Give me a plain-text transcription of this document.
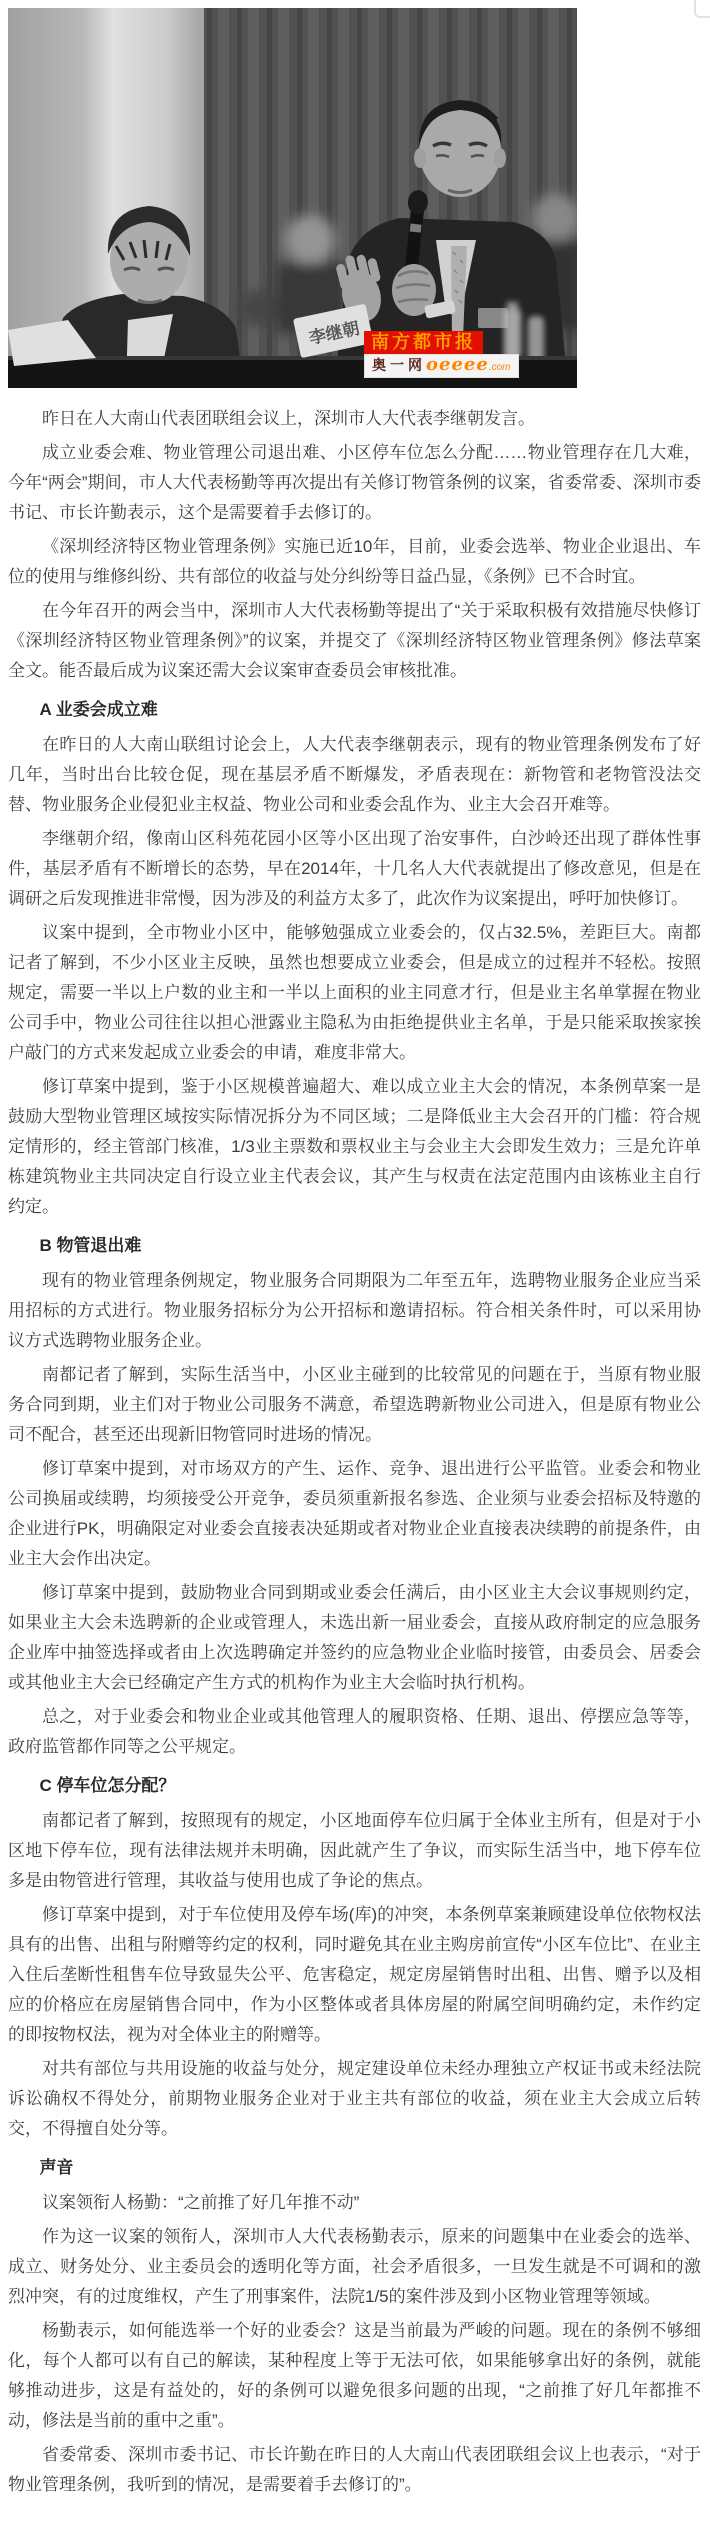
李继朝 南方都市报
奥一网 oeeee .com

昨日在人大南山代表团联组会议上，深圳市人大代表李继朝发言。

成立业委会难、物业管理公司退出难、小区停车位怎么分配……物业管理存在几大难，今年“两会”期间，市人大代表杨勤等再次提出有关修订物管条例的议案，省委常委、深圳市委书记、市长许勤表示，这个是需要着手去修订的。

《深圳经济特区物业管理条例》实施已近10年，目前，业委会选举、物业企业退出、车位的使用与维修纠纷、共有部位的收益与处分纠纷等日益凸显，《条例》已不合时宜。

在今年召开的两会当中，深圳市人大代表杨勤等提出了“关于采取积极有效措施尽快修订《深圳经济特区物业管理条例》”的议案，并提交了《深圳经济特区物业管理条例》修法草案全文。能否最后成为议案还需大会议案审查委员会审核批准。

A 业委会成立难

在昨日的人大南山联组讨论会上，人大代表李继朝表示，现有的物业管理条例发布了好几年，当时出台比较仓促，现在基层矛盾不断爆发，矛盾表现在：新物管和老物管没法交替、物业服务企业侵犯业主权益、物业公司和业委会乱作为、业主大会召开难等。

李继朝介绍，像南山区科苑花园小区等小区出现了治安事件，白沙岭还出现了群体性事件，基层矛盾有不断增长的态势，早在2014年，十几名人大代表就提出了修改意见，但是在调研之后发现推进非常慢，因为涉及的利益方太多了，此次作为议案提出，呼吁加快修订。

议案中提到，全市物业小区中，能够勉强成立业委会的，仅占32.5%，差距巨大。南都记者了解到，不少小区业主反映，虽然也想要成立业委会，但是成立的过程并不轻松。按照规定，需要一半以上户数的业主和一半以上面积的业主同意才行，但是业主名单掌握在物业公司手中，物业公司往往以担心泄露业主隐私为由拒绝提供业主名单，于是只能采取挨家挨户敲门的方式来发起成立业委会的申请，难度非常大。

修订草案中提到，鉴于小区规模普遍超大、难以成立业主大会的情况，本条例草案一是鼓励大型物业管理区域按实际情况拆分为不同区域；二是降低业主大会召开的门槛：符合规定情形的，经主管部门核准，1/3业主票数和票权业主与会业主大会即发生效力；三是允许单栋建筑物业主共同决定自行设立业主代表会议，其产生与权责在法定范围内由该栋业主自行约定。

B 物管退出难

现有的物业管理条例规定，物业服务合同期限为二年至五年，选聘物业服务企业应当采用招标的方式进行。物业服务招标分为公开招标和邀请招标。符合相关条件时，可以采用协议方式选聘物业服务企业。

南都记者了解到，实际生活当中，小区业主碰到的比较常见的问题在于，当原有物业服务合同到期，业主们对于物业公司服务不满意，希望选聘新物业公司进入，但是原有物业公司不配合，甚至还出现新旧物管同时进场的情况。

修订草案中提到，对市场双方的产生、运作、竞争、退出进行公平监管。业委会和物业公司换届或续聘，均须接受公开竞争，委员须重新报名参选、企业须与业委会招标及特邀的企业进行PK，明确限定对业委会直接表决延期或者对物业企业直接表决续聘的前提条件，由业主大会作出决定。

修订草案中提到，鼓励物业合同到期或业委会任满后，由小区业主大会议事规则约定，如果业主大会未选聘新的企业或管理人，未选出新一届业委会，直接从政府制定的应急服务企业库中抽签选择或者由上次选聘确定并签约的应急物业企业临时接管，由委员会、居委会或其他业主大会已经确定产生方式的机构作为业主大会临时执行机构。

总之，对于业委会和物业企业或其他管理人的履职资格、任期、退出、停摆应急等等，政府监管都作同等之公平规定。

C 停车位怎分配？

南都记者了解到，按照现有的规定，小区地面停车位归属于全体业主所有，但是对于小区地下停车位，现有法律法规并未明确，因此就产生了争议，而实际生活当中，地下停车位多是由物管进行管理，其收益与使用也成了争论的焦点。

修订草案中提到，对于车位使用及停车场(库)的冲突，本条例草案兼顾建设单位依物权法具有的出售、出租与附赠等约定的权利，同时避免其在业主购房前宣传“小区车位比”、在业主入住后垄断性租售车位导致显失公平、危害稳定，规定房屋销售时出租、出售、赠予以及相应的价格应在房屋销售合同中，作为小区整体或者具体房屋的附属空间明确约定，未作约定的即按物权法，视为对全体业主的附赠等。

对共有部位与共用设施的收益与处分，规定建设单位未经办理独立产权证书或未经法院诉讼确权不得处分，前期物业服务企业对于业主共有部位的收益，须在业主大会成立后转交，不得擅自处分等。

声音

议案领衔人杨勤：“之前推了好几年推不动”

作为这一议案的领衔人，深圳市人大代表杨勤表示，原来的问题集中在业委会的选举、成立、财务处分、业主委员会的透明化等方面，社会矛盾很多，一旦发生就是不可调和的激烈冲突，有的过度维权，产生了刑事案件，法院1/5的案件涉及到小区物业管理等领域。

杨勤表示，如何能选举一个好的业委会？这是当前最为严峻的问题。现在的条例不够细化，每个人都可以有自己的解读，某种程度上等于无法可依，如果能够拿出好的条例，就能够推动进步，这是有益处的，好的条例可以避免很多问题的出现，“之前推了好几年都推不动，修法是当前的重中之重”。

省委常委、深圳市委书记、市长许勤在昨日的人大南山代表团联组会议上也表示，“对于物业管理条例，我听到的情况，是需要着手去修订的”。
